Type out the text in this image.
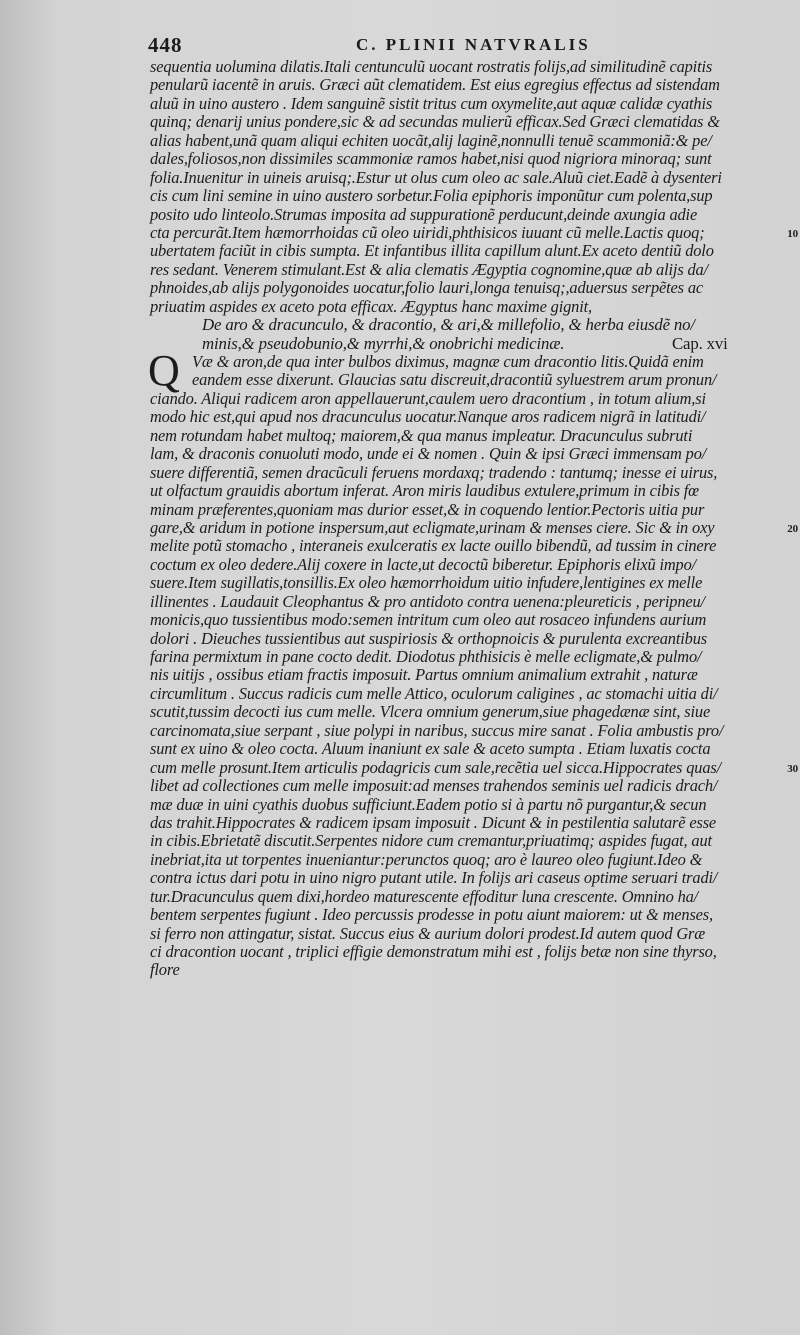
448	C. PLINII NATVRALIS
sequentia uolumina dilatis.Itali centunculũ uocant rostratis folijs,ad similitudinẽ capitis
penularũ iacentẽ in aruis. Græci aũt clematidem. Est eius egregius effectus ad sistendam
aluũ in uino austero . Idem sanguinẽ sistit tritus cum oxymelite,aut aquæ calidæ cyathis
quinq; denarij unius pondere,sic & ad secundas mulierũ efficax.Sed Græci clematidas &
alias habent,unã quam aliqui echiten uocãt,alij laginẽ,nonnulli tenuẽ scammoniã:& pe/
dales,foliosos,non dissimiles scammoniæ ramos habet,nisi quod nigriora minoraq; sunt
folia.Inuenitur in uineis aruisq;.Estur ut olus cum oleo ac sale.Aluũ ciet.Eadẽ à dysenteri
cis cum lini semine in uino austero sorbetur.Folia epiphoris imponũtur cum polenta,sup
posito udo linteolo.Strumas imposita ad suppurationẽ perducunt,deinde axungia adie
cta percurãt.Item hæmorrhoidas cũ oleo uiridi,phthisicos iuuant cũ melle.Lactis quoq;	10
ubertatem faciũt in cibis sumpta. Et infantibus illita capillum alunt.Ex aceto dentiũ dolo
res sedant. Venerem stimulant.Est & alia clematis Ægyptia cognomine,quæ ab alijs da/
phnoides,ab alijs polygonoides uocatur,folio lauri,longa tenuisq;,aduersus serpẽtes ac
priuatim aspides ex aceto pota efficax. Ægyptus hanc maxime gignit,
De aro & dracunculo, & dracontio, & ari,& millefolio, & herba eiusdẽ no/
minis,& pseudobunio,& myrrhi,& onobrichi medicinæ.	Cap. xvi
Q Væ & aron,de qua inter bulbos diximus, magnæ cum dracontio litis.Quidã enim
eandem esse dixerunt. Glaucias satu discreuit,dracontiũ syluestrem arum pronun/
ciando. Aliqui radicem aron appellauerunt,caulem uero dracontium , in totum alium,si
modo hic est,qui apud nos dracunculus uocatur.Nanque aros radicem nigrã in latitudi/
nem rotundam habet multoq; maiorem,& qua manus impleatur. Dracunculus subruti
lam, & draconis conuoluti modo, unde ei & nomen . Quin & ipsi Græci immensam po/
suere differentiã, semen dracũculi feruens mordaxq; tradendo : tantumq; inesse ei uirus,
ut olfactum grauidis abortum inferat. Aron miris laudibus extulere,primum in cibis fœ
minam præferentes,quoniam mas durior esset,& in coquendo lentior.Pectoris uitia pur
gare,& aridum in potione inspersum,aut ecligmate,urinam & menses ciere. Sic & in oxy	20
melite potũ stomacho , interaneis exulceratis ex lacte ouillo bibendũ, ad tussim in cinere
coctum ex oleo dedere.Alij coxere in lacte,ut decoctũ biberetur. Epiphoris elixũ impo/
suere.Item sugillatis,tonsillis.Ex oleo hæmorrhoidum uitio infudere,lentigines ex melle
illinentes . Laudauit Cleophantus & pro antidoto contra uenena:pleureticis , peripneu/
monicis,quo tussientibus modo:semen intritum cum oleo aut rosaceo infundens aurium
dolori . Dieuches tussientibus aut suspiriosis & orthopnoicis & purulenta excreantibus
farina permixtum in pane cocto dedit. Diodotus phthisicis è melle ecligmate,& pulmo/
nis uitijs , ossibus etiam fractis imposuit. Partus omnium animalium extrahit , naturæ
circumlitum . Succus radicis cum melle Attico, oculorum caligines , ac stomachi uitia di/
scutit,tussim decocti ius cum melle. Vlcera omnium generum,siue phagedænæ sint, siue
carcinomata,siue serpant , siue polypi in naribus, succus mire sanat . Folia ambustis pro/
sunt ex uino & oleo cocta. Aluum inaniunt ex sale & aceto sumpta . Etiam luxatis cocta
cum melle prosunt.Item articulis podagricis cum sale,recẽtia uel sicca.Hippocrates quas/	30
libet ad collectiones cum melle imposuit:ad menses trahendos seminis uel radicis drach/
mæ duæ in uini cyathis duobus sufficiunt.Eadem potio si à partu nõ purgantur,& secun
das trahit.Hippocrates & radicem ipsam imposuit . Dicunt & in pestilentia salutarẽ esse
in cibis.Ebrietatẽ discutit.Serpentes nidore cum cremantur,priuatimq; aspides fugat, aut
inebriat,ita ut torpentes inueniantur:perunctos quoq; aro è laureo oleo fugiunt.Ideo &
contra ictus dari potu in uino nigro putant utile. In folijs ari caseus optime seruari tradi/
tur.Dracunculus quem dixi,hordeo maturescente effoditur luna crescente. Omnino ha/
bentem serpentes fugiunt . Ideo percussis prodesse in potu aiunt maiorem: ut & menses,
si ferro non attingatur, sistat. Succus eius & aurium dolori prodest.Id autem quod Græ
ci dracontion uocant , triplici effigie demonstratum mihi est , folijs betæ non sine thyrso,
flore
